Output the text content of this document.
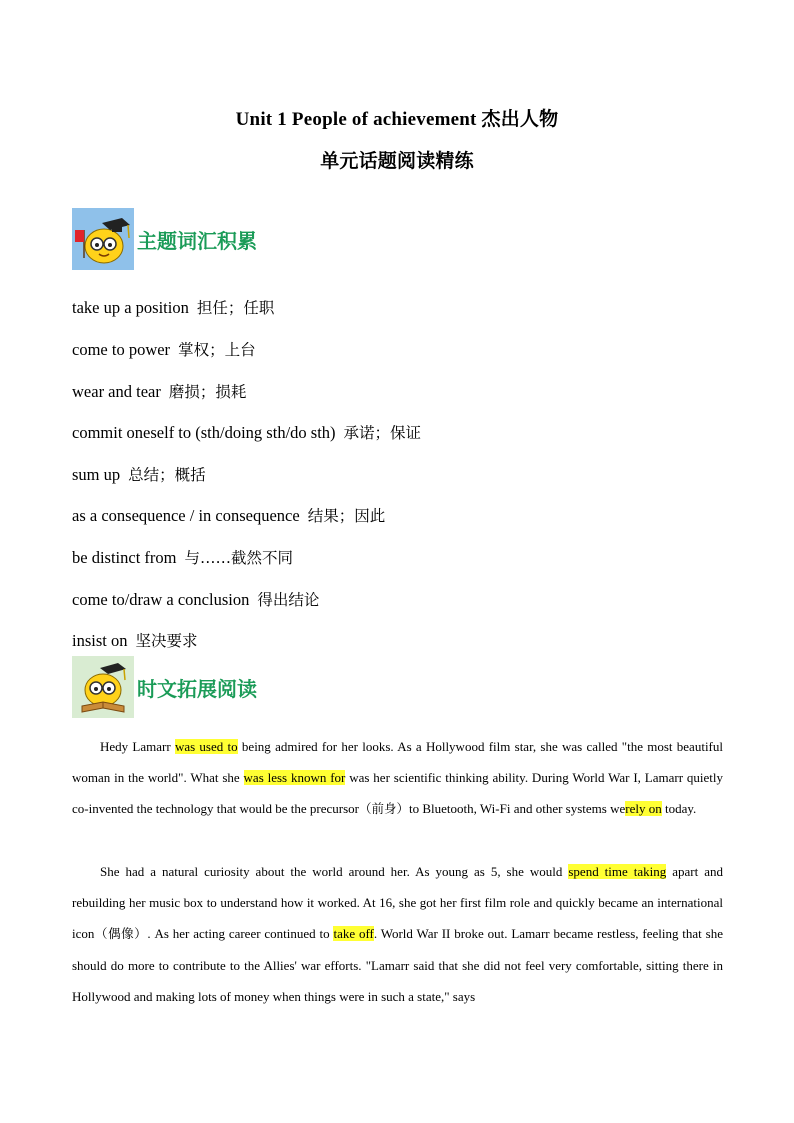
Unit 1 People of achievement 杰出人物
单元话题阅读精练
主题词汇积累
take up a position 担任；任职
come to power 掌权；上台
wear and tear 磨损；损耗
commit oneself to (sth/doing sth/do sth) 承诺；保证
sum up 总结；概括
as a consequence / in consequence 结果；因此
be distinct from 与……截然不同
come to/draw a conclusion 得出结论
insist on 坚决要求
时文拓展阅读
Hedy Lamarr was used to being admired for her looks. As a Hollywood film star, she was called "the most beautiful woman in the world". What she was less known for was her scientific thinking ability. During World War I, Lamarr quietly co-invented the technology that would be the precursor（前身）to Bluetooth, Wi-Fi and other systems werely on today.
She had a natural curiosity about the world around her. As young as 5, she would spend time taking apart and rebuilding her music box to understand how it worked. At 16, she got her first film role and quickly became an international icon（偶像）. As her acting career continued to take off. World War II broke out. Lamarr became restless, feeling that she should do more to contribute to the Allies' war efforts. "Lamarr said that she did not feel very comfortable, sitting there in Hollywood and making lots of money when things were in such a state," says
